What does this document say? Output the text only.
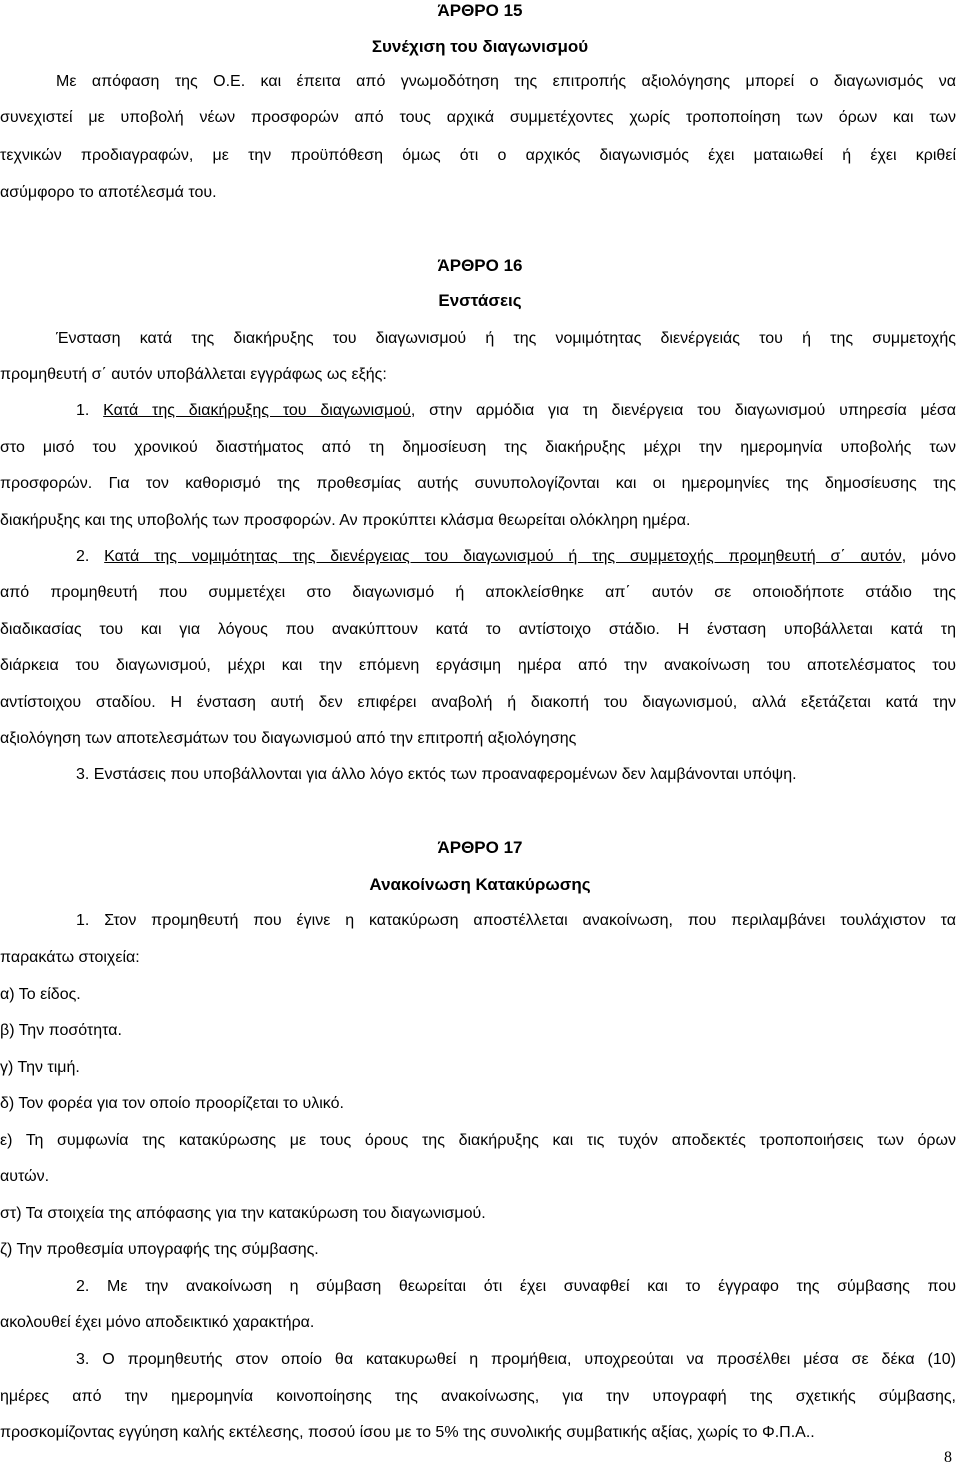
ΆΡΘΡΟ 15
Συνέχιση του διαγωνισμού
Με απόφαση της Ο.Ε. και έπειτα από γνωμοδότηση της επιτροπής αξιολόγησης μπορεί ο διαγωνισμός να
συνεχιστεί με υποβολή νέων προσφορών από τους αρχικά συμμετέχοντες χωρίς τροποποίηση των όρων και των
τεχνικών προδιαγραφών, με την προϋπόθεση όμως ότι ο αρχικός διαγωνισμός έχει ματαιωθεί ή έχει κριθεί
ασύμφορο το αποτέλεσμά του.
ΆΡΘΡΟ 16
Ενστάσεις
Ένσταση κατά της διακήρυξης του διαγωνισμού ή της νομιμότητας διενέργειάς του ή της συμμετοχής
προμηθευτή σ΄ αυτόν υποβάλλεται εγγράφως ως εξής:
1. Κατά της διακήρυξης του διαγωνισμού, στην αρμόδια για τη διενέργεια του διαγωνισμού υπηρεσία μέσα
στο μισό του χρονικού διαστήματος από τη δημοσίευση της διακήρυξης μέχρι την ημερομηνία υποβολής των
προσφορών. Για τον καθορισμό της προθεσμίας αυτής συνυπολογίζονται και οι ημερομηνίες της δημοσίευσης της
διακήρυξης και της υποβολής των προσφορών. Αν προκύπτει κλάσμα θεωρείται ολόκληρη ημέρα.
2. Κατά της νομιμότητας της διενέργειας του διαγωνισμού ή της συμμετοχής προμηθευτή σ΄ αυτόν, μόνο
από προμηθευτή που συμμετέχει στο διαγωνισμό ή αποκλείσθηκε απ΄ αυτόν σε οποιοδήποτε στάδιο της
διαδικασίας του και για λόγους που ανακύπτουν κατά το αντίστοιχο στάδιο. Η ένσταση υποβάλλεται κατά τη
διάρκεια του διαγωνισμού, μέχρι και την επόμενη εργάσιμη ημέρα από την ανακοίνωση του αποτελέσματος του
αντίστοιχου σταδίου. Η ένσταση αυτή δεν επιφέρει αναβολή ή διακοπή του διαγωνισμού, αλλά εξετάζεται κατά την
αξιολόγηση των αποτελεσμάτων του διαγωνισμού από την επιτροπή αξιολόγησης
3. Ενστάσεις που υποβάλλονται για άλλο λόγο εκτός των προαναφερομένων δεν λαμβάνονται υπόψη.
ΆΡΘΡΟ 17
Ανακοίνωση Κατακύρωσης
1. Στον προμηθευτή που έγινε η κατακύρωση αποστέλλεται ανακοίνωση, που περιλαμβάνει τουλάχιστον τα
παρακάτω στοιχεία:
α) Το είδος.
β) Την ποσότητα.
γ) Την τιμή.
δ) Τον φορέα για τον οποίο προορίζεται το υλικό.
ε) Τη συμφωνία της κατακύρωσης με τους όρους της διακήρυξης και τις τυχόν αποδεκτές τροποποιήσεις των όρων
αυτών.
στ) Τα στοιχεία της απόφασης για την κατακύρωση του διαγωνισμού.
ζ) Την προθεσμία υπογραφής της σύμβασης.
2. Με την ανακοίνωση η σύμβαση θεωρείται ότι έχει συναφθεί και το έγγραφο της σύμβασης που
ακολουθεί έχει μόνο αποδεικτικό χαρακτήρα.
3. Ο προμηθευτής στον οποίο θα κατακυρωθεί η προμήθεια, υποχρεούται να προσέλθει μέσα σε δέκα (10)
ημέρες από την ημερομηνία κοινοποίησης της ανακοίνωσης, για την υπογραφή της σχετικής σύμβασης,
προσκομίζοντας εγγύηση καλής εκτέλεσης, ποσού ίσου με το 5% της συνολικής συμβατικής αξίας, χωρίς το Φ.Π.Α..
8
